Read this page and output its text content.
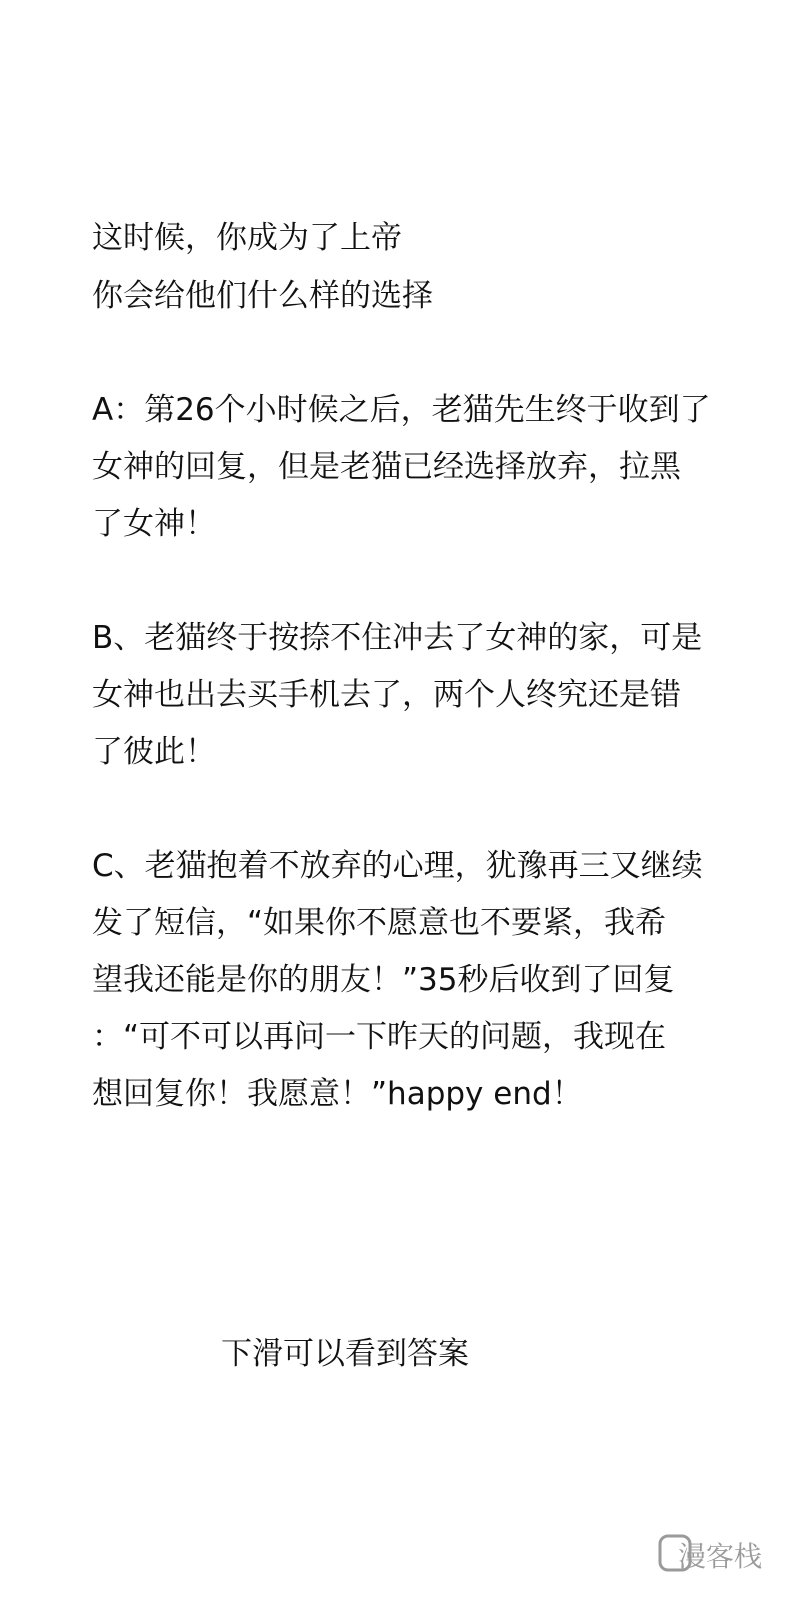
这时候，你成为了上帝
你会给他们什么样的选择
A：第26个小时候之后，老猫先生终于收到了
女神的回复，但是老猫已经选择放弃，拉黑
了女神！
B、老猫终于按捺不住冲去了女神的家，可是
女神也出去买手机去了，两个人终究还是错
了彼此！
C、老猫抱着不放弃的心理，犹豫再三又继续
发了短信，“如果你不愿意也不要紧，我希
望我还能是你的朋友！”35秒后收到了回复
：“可不可以再问一下昨天的问题，我现在
想回复你！我愿意！”happy end！
下滑可以看到答案
漫客栈
